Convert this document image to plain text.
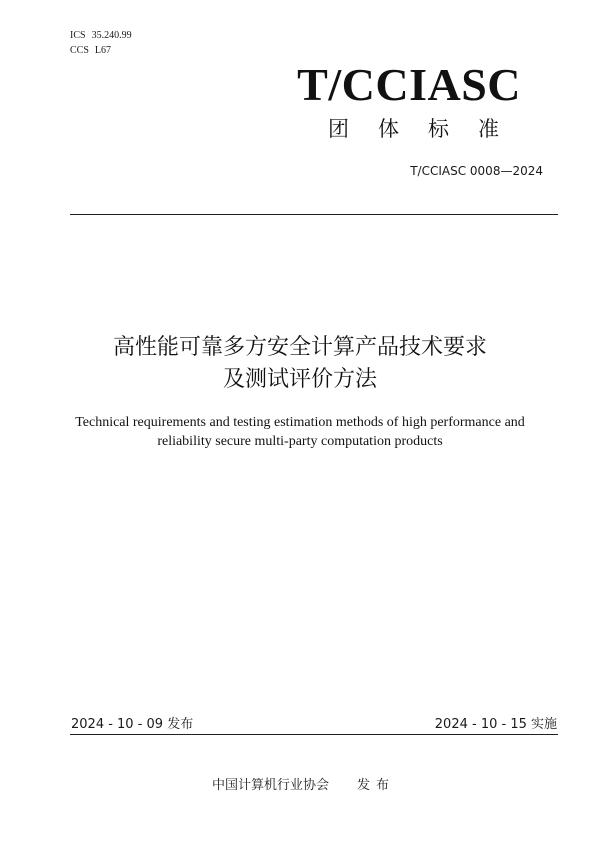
ICS 35.240.99
CCS L67
T/CCIASC
团体标准
T/CCIASC 0008—2024
高性能可靠多方安全计算产品技术要求
及测试评价方法
Technical requirements and testing estimation methods of high performance and
reliability secure multi-party computation products
2024 - 10 - 09 发布	2024 - 10 - 15 实施
中国计算机行业协会 发布
